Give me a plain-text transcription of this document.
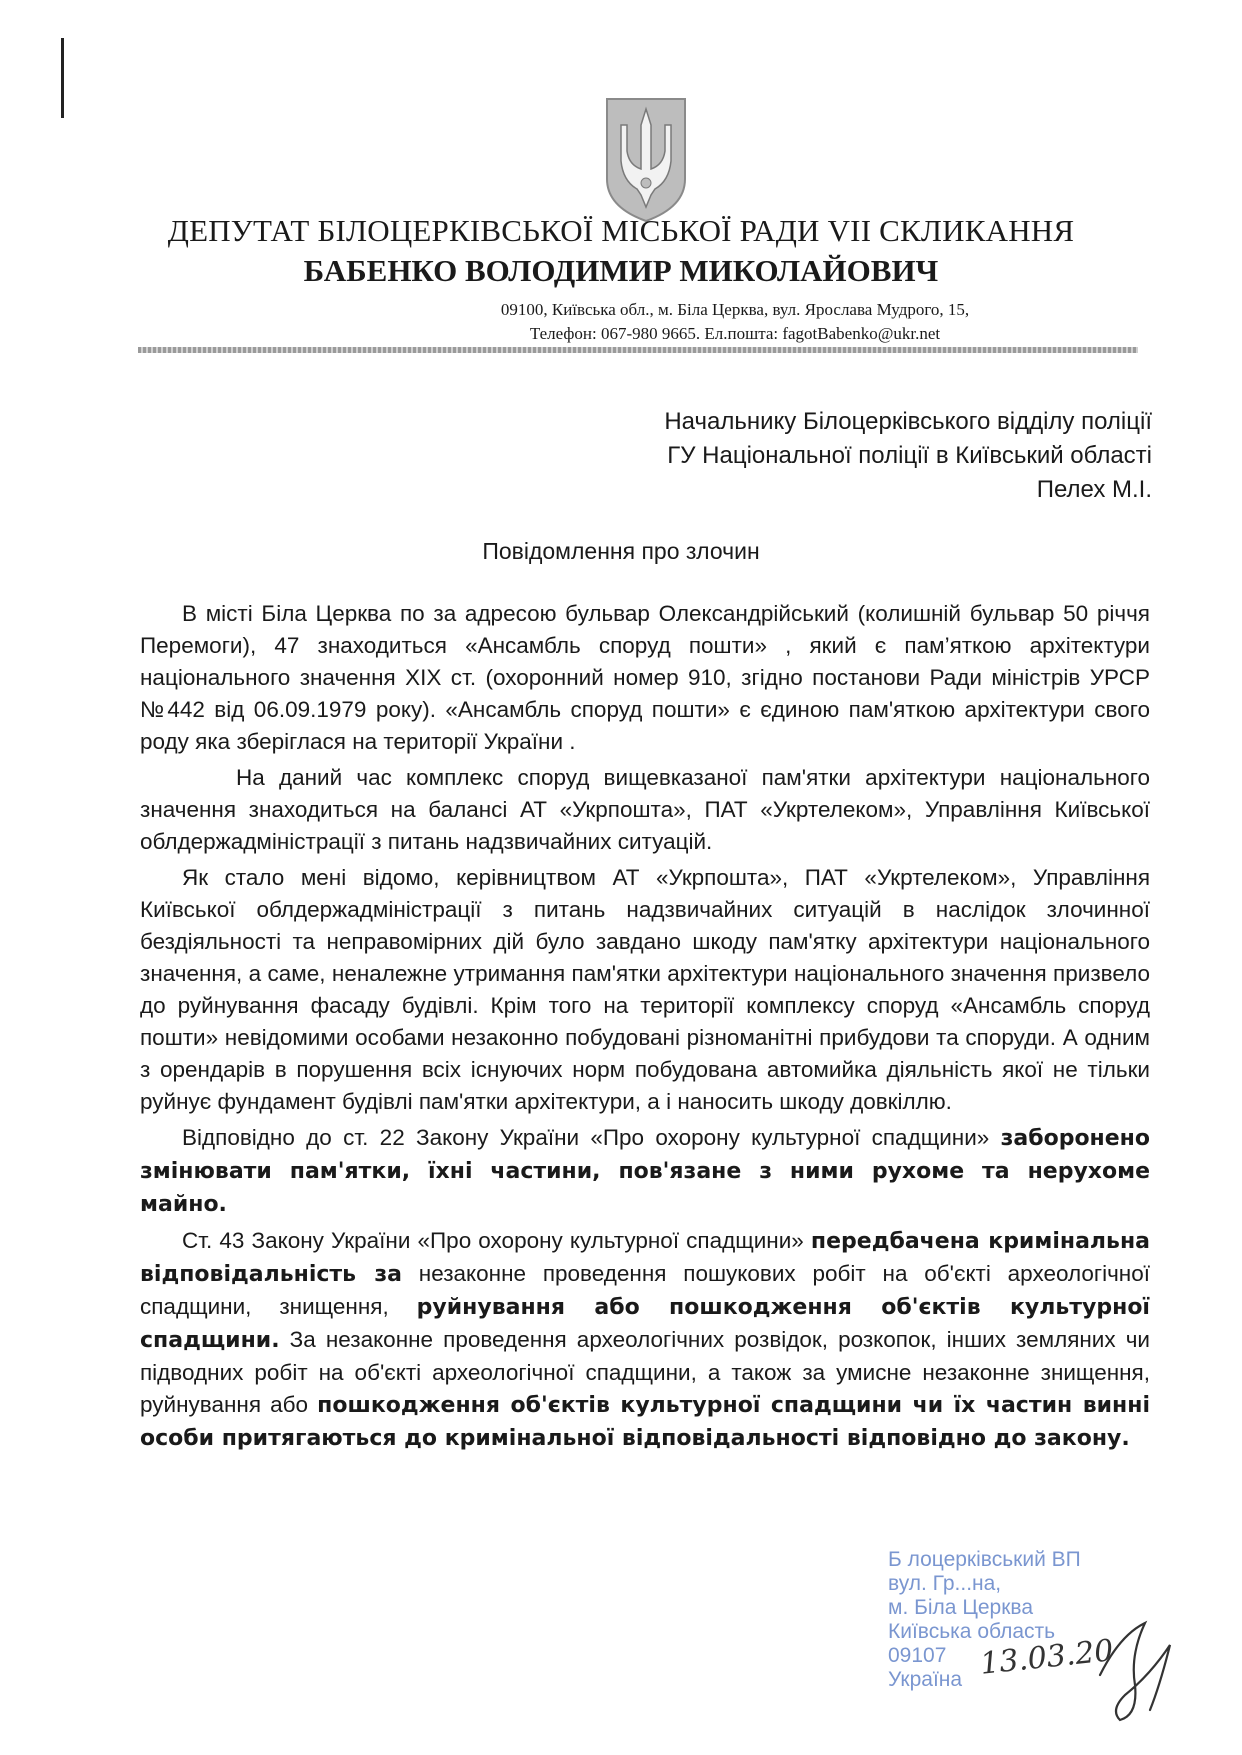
ДЕПУТАТ БІЛОЦЕРКІВСЬКОЇ МІСЬКОЇ РАДИ VII СКЛИКАННЯ
БАБЕНКО ВОЛОДИМИР МИКОЛАЙОВИЧ
09100, Київська обл., м. Біла Церква, вул. Ярослава Мудрого, 15,
Телефон: 067-980 9665. Ел.пошта: fagotBabenko@ukr.net
Начальнику Білоцерківського відділу поліції
ГУ Національної поліції в Київський області
Пелех М.І.
Повідомлення про злочин

В місті Біла Церква по за адресою бульвар Олександрійський (колишній бульвар 50 річчя Перемоги), 47 знаходиться «Ансамбль споруд пошти» , який є пам’яткою архітектури національного значення ХІХ ст. (охоронний номер 910, згідно постанови Ради міністрів УРСР №442 від 06.09.1979 року). «Ансамбль споруд пошти» є єдиною пам'яткою архітектури свого роду яка зберіглася на території України .

На даний час комплекс споруд вищевказаної пам'ятки архітектури національного значення знаходиться на балансі АТ «Укрпошта», ПАТ «Укртелеком», Управління Київської облдержадміністрації з питань надзвичайних ситуацій.

Як стало мені відомо, керівництвом АТ «Укрпошта», ПАТ «Укртелеком», Управління Київської облдержадміністрації з питань надзвичайних ситуацій в наслідок злочинної бездіяльності та неправомірних дій було завдано шкоду пам'ятку архітектури національного значення, а саме, неналежне утримання пам'ятки архітектури національного значення призвело до руйнування фасаду будівлі. Крім того на території комплексу споруд «Ансамбль споруд пошти» невідомими особами незаконно побудовані різноманітні прибудови та споруди. А одним з орендарів в порушення всіх існуючих норм побудована автомийка діяльність якої не тільки руйнує фундамент будівлі пам'ятки архітектури, а і наносить шкоду довкіллю.

Відповідно до ст. 22 Закону України «Про охорону культурної спадщини» заборонено змінювати пам'ятки, їхні частини, пов'язане з ними рухоме та нерухоме майно.

Ст. 43 Закону України «Про охорону культурної спадщини» передбачена кримінальна відповідальність за незаконне проведення пошукових робіт на об'єкті археологічної спадщини, знищення, руйнування або пошкодження об'єктів культурної спадщини. За незаконне проведення археологічних розвідок, розкопок, інших земляних чи підводних робіт на об'єкті археологічної спадщини, а також за умисне незаконне знищення, руйнування або пошкодження об'єктів культурної спадщини чи їх частин винні особи притягаються до кримінальної відповідальності відповідно до закону.

Б лоцерківський ВП
вул. Гр...на,
м. Біла Церква
Київська область
09107
Україна 13.03.20
